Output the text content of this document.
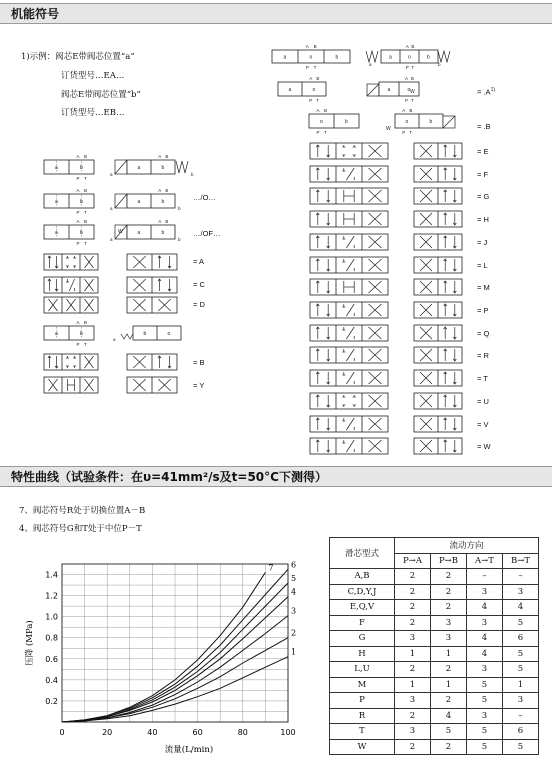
机能符号
1)示例：阀芯E带阀芯位置“a”
订货型号…EA…
阀芯E带阀芯位置“b”
订货型号…EB…
a	b
A B
P T
a	b
A B
P T
a	b
A B
P T
a	b
a	b
A B
a	b
a	b
A B
a	b
W
a	b
A B
a	b
A B
P T
b	o
a
a	o	b
A B
P T
a	o	b
A B
P T
a	b
a	o
A B
P T
a	o W
A B
P T
o	b
A B
P T
W
o	b
A B
P T
…/O…
…/OF…
= A
= C
= D
= B
= Y
= $.A^{1)}$
= .B
= E
= F
= G
= H
= J
= L
= M
= P
= Q
= R
= T
= U
= V
= W
特性曲线（试验条件：在υ=41mm²/s及t=50°C下测得）
7、阀芯符号R处于切换位置A－B
4、阀芯符号G和T处于中位P－T
0	20	40	60	80	100
0.2
0.4
0.6
0.8
1.0
1.2
1.4
流量(L/min)
压降 (MPa)	1
2
3
4
5
6
7
滑芯型式	流动方向			
	P→A	P→B	A→T	B→T
A,B	2	2	–	–
C,D,Y,J	2	2	3	3
E,Q,V	2	2	4	4
F	2	3	3	5
G	3	3	4	6
H	1	1	4	5
L,U	2	2	3	5
M	1	1	5	1
P	3	2	5	3
R	2	4	3	–
T	3	5	5	6
W	2	2	5	5
